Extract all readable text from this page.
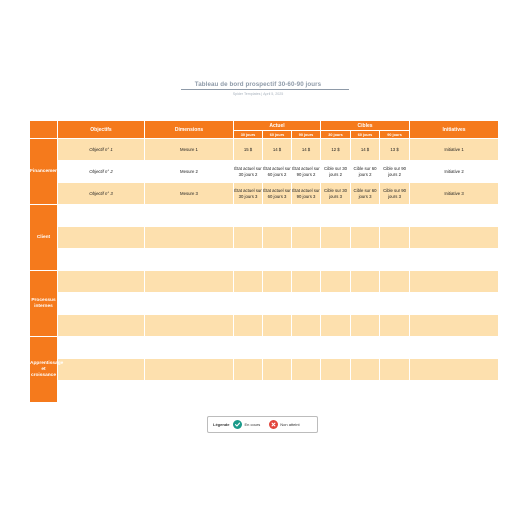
Tableau de bord prospectif 30-60-90 jours
Spider Templates | April 5, 2025
	Objectifs	Dimensions	Actuel			Cibles			Initiatives
			30 jours	60 jours	90 jours	30 jours	60 jours	90 jours	
Financement	Objectif n° 1	Mesure 1	15 $	14 $	14 $	12 $	14 $	13 $	Initiative 1
	Objectif n° 2	Mesure 2	État actuel sur 30 jours 2	État actuel sur 60 jours 2	État actuel sur 90 jours 2	Cible sur 30 jours 2	Cible sur 60 jours 2	Cible sur 90 jours 2	Initiative 2
	Objectif n° 3	Mesure 3	État actuel sur 30 jours 3	État actuel sur 60 jours 3	État actuel sur 90 jours 3	Cible sur 30 jours 3	Cible sur 60 jours 3	Cible sur 90 jours 3	Initiative 3
Client									

Processus internes									

Apprentissage et croissance									

Légende	En cours	Non atteint
